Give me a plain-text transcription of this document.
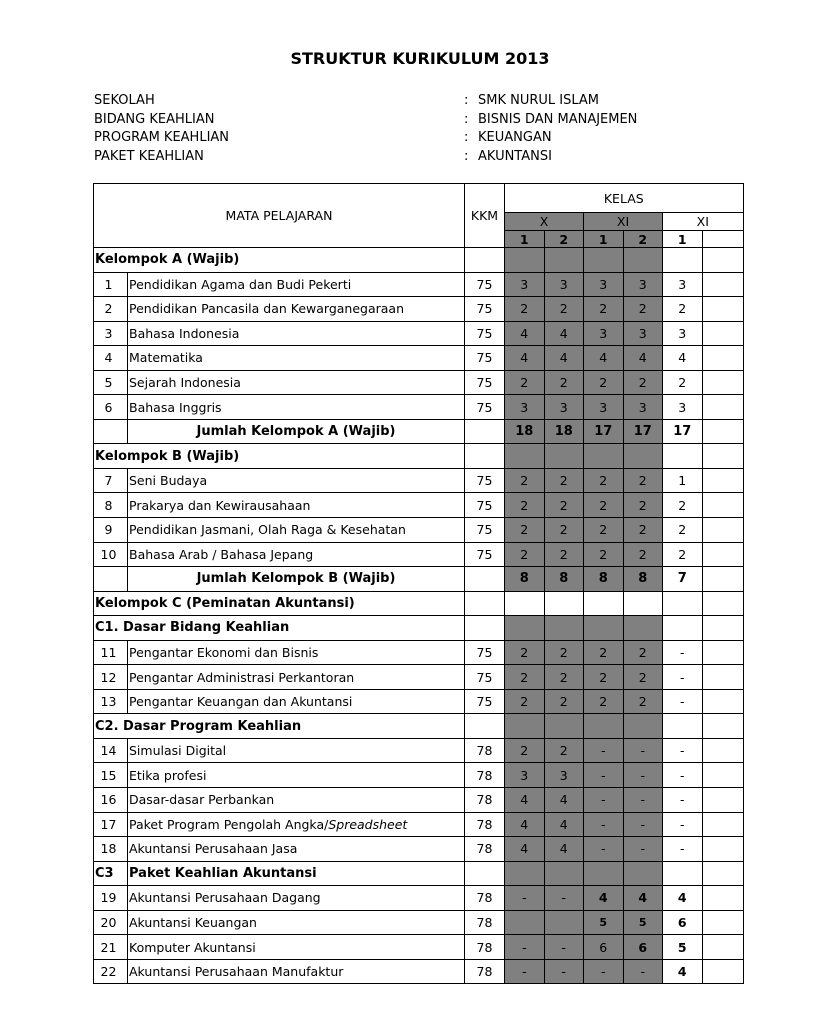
STRUKTUR KURIKULUM 2013
SEKOLAH	: SMK NURUL ISLAM
BIDANG KEAHLIAN	: BISNIS DAN MANAJEMEN
PROGRAM KEAHLIAN	: KEUANGAN
PAKET KEAHLIAN	: AKUNTANSI
MATA PELAJARAN		KKM	KELAS					
			X		XI		XI	
			1	2	1	2	1	
Kelompok A (Wajib)								
1	Pendidikan Agama dan Budi Pekerti	75	3	3	3	3	3	
2	Pendidikan Pancasila dan Kewarganegaraan	75	2	2	2	2	2	
3	Bahasa Indonesia	75	4	4	3	3	3	
4	Matematika	75	4	4	4	4	4	
5	Sejarah Indonesia	75	2	2	2	2	2	
6	Bahasa Inggris	75	3	3	3	3	3	
	Jumlah Kelompok A (Wajib)		18	18	17	17	17	
Kelompok B (Wajib)								
7	Seni Budaya	75	2	2	2	2	1	
8	Prakarya dan Kewirausahaan	75	2	2	2	2	2	
9	Pendidikan Jasmani, Olah Raga & Kesehatan	75	2	2	2	2	2	
10	Bahasa Arab / Bahasa Jepang	75	2	2	2	2	2	
	Jumlah Kelompok B (Wajib)		8	8	8	8	7	
Kelompok C (Peminatan Akuntansi)								
C1. Dasar Bidang Keahlian								
11	Pengantar Ekonomi dan Bisnis	75	2	2	2	2	-	
12	Pengantar Administrasi Perkantoran	75	2	2	2	2	-	
13	Pengantar Keuangan dan Akuntansi	75	2	2	2	2	-	
C2. Dasar Program Keahlian								
14	Simulasi Digital	78	2	2	-	-	-	
15	Etika profesi	78	3	3	-	-	-	
16	Dasar-dasar Perbankan	78	4	4	-	-	-	
17	Paket Program Pengolah Angka/Spreadsheet	78	4	4	-	-	-	
18	Akuntansi Perusahaan Jasa	78	4	4	-	-	-	
C3	Paket Keahlian Akuntansi							
19	Akuntansi Perusahaan Dagang	78	-	-	4	4	4	
20	Akuntansi Keuangan	78			5	5	6	
21	Komputer Akuntansi	78	-	-	6	6	5	
22	Akuntansi Perusahaan Manufaktur	78	-	-	-	-	4	
